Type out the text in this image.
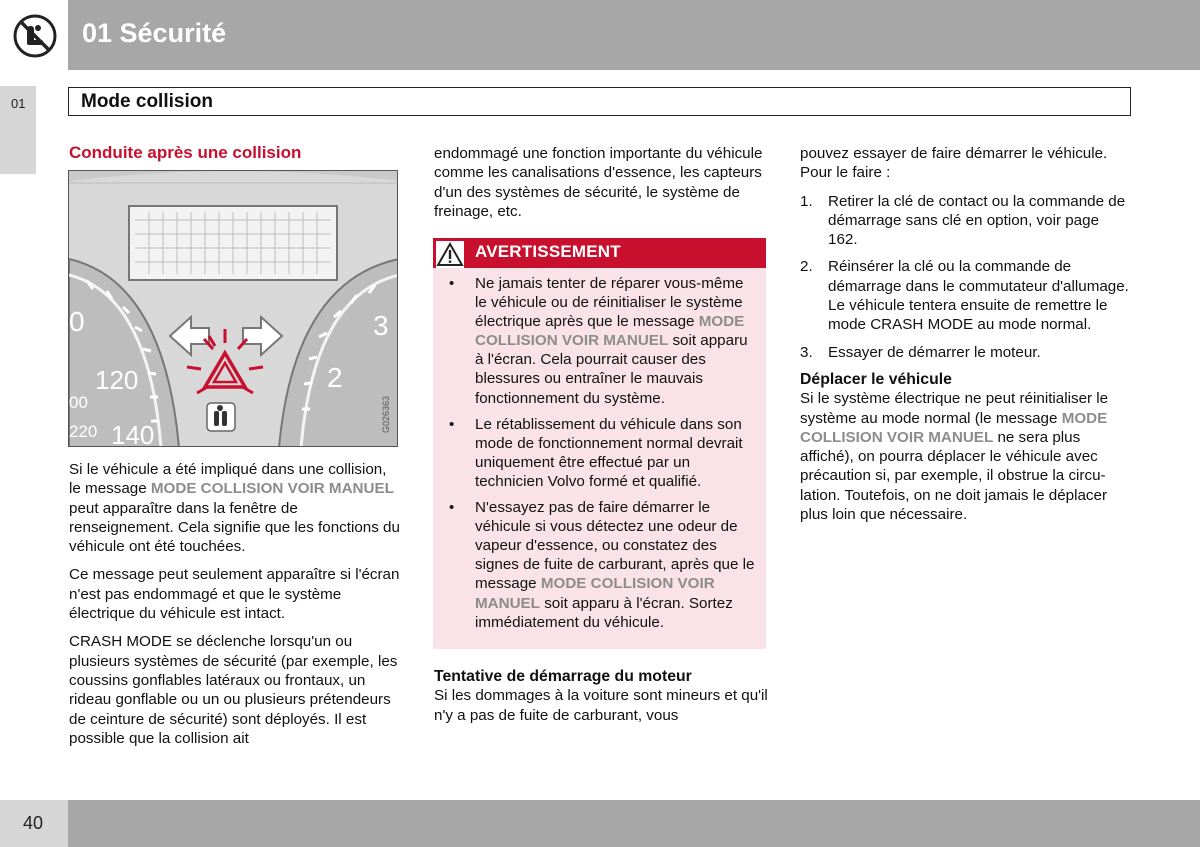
01 Sécurité
01	Mode collision
Conduite après une collision
0
120
00
220 140
3
2
G026363

Si le véhicule a été impliqué dans une collision, le message MODE COLLISION VOIR MANUEL peut apparaître dans la fenêtre de renseignement. Cela signifie que les fonctions du véhicule ont été touchées.

Ce message peut seulement apparaître si l'écran n'est pas endommagé et que le système électrique du véhicule est intact.

CRASH MODE se déclenche lorsqu'un ou plusieurs systèmes de sécurité (par exemple, les coussins gonflables latéraux ou frontaux, un rideau gonflable ou un ou plusieurs prétendeurs de ceinture de sécurité) sont déployés. Il est possible que la collision ait

endommagé une fonction importante du véhicule comme les canalisations d'essence, les capteurs d'un des systèmes de sécurité, le système de freinage, etc.

AVERTISSEMENT
• Ne jamais tenter de réparer vous-même le véhicule ou de réinitialiser le système électrique après que le message MODE COLLISION VOIR MANUEL soit apparu à l'écran. Cela pourrait causer des blessures ou entraîner le mauvais fonctionnement du système.
• Le rétablissement du véhicule dans son mode de fonctionnement normal devrait uniquement être effectué par un technicien Volvo formé et qualifié.
• N'essayez pas de faire démarrer le véhicule si vous détectez une odeur de vapeur d'essence, ou constatez des signes de fuite de carburant, après que le message MODE COLLISION VOIR MANUEL soit apparu à l'écran. Sortez immédiatement du véhicule.
Tentative de démarrage du moteur

Si les dommages à la voiture sont mineurs et qu'il n'y a pas de fuite de carburant, vous

pouvez essayer de faire démarrer le véhicule. Pour le faire :

1. Retirer la clé de contact ou la commande de démarrage sans clé en option, voir page 162.
2. Réinsérer la clé ou la commande de démarrage dans le commutateur d'allumage. Le véhicule tentera ensuite de remettre le mode CRASH MODE au mode normal.
3. Essayer de démarrer le moteur.
Déplacer le véhicule

Si le système électrique ne peut réinitialiser le système au mode normal (le message MODE COLLISION VOIR MANUEL ne sera plus affiché), on pourra déplacer le véhicule avec précaution si, par exemple, il obstrue la circulation. Toutefois, on ne doit jamais le déplacer plus loin que nécessaire.

40
